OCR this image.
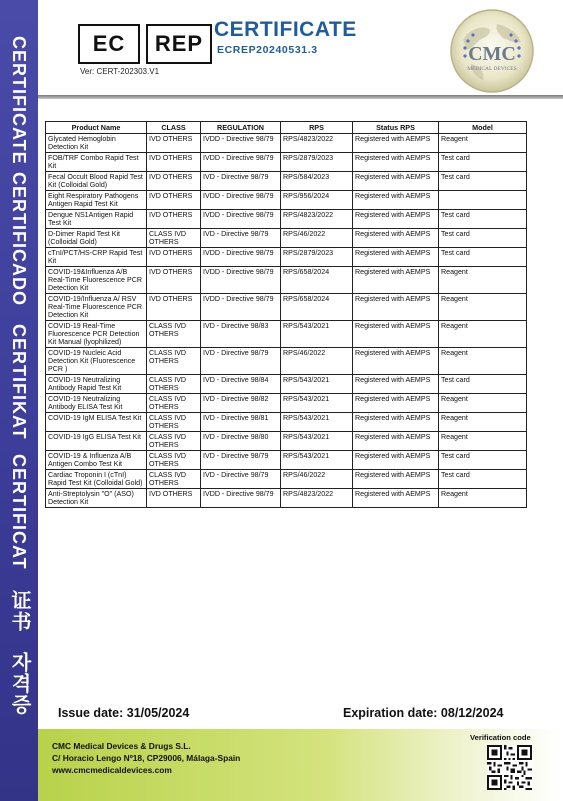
CERTIFICATE
CERTIFICADO
CERTIFIKAT
CERTIFICAT
证书
자격증
EC	REP
Ver: CERT-202303.V1
CERTIFICATE
ECREP20240531.3	CMC
MEDICAL DEVICES
Product Name	CLASS	REGULATION	RPS	Status RPS	Model
Glycated Hemoglobin Detection Kit	IVD OTHERS	IVDD - Directive 98/79	RPS/4823/2022	Registered with AEMPS	Reagent
FOB/TRF Combo Rapid Test Kit	IVD OTHERS	IVDD - Directive 98/79	RPS/2879/2023	Registered with AEMPS	Test card
Fecal Occult Blood Rapid Test Kit (Colloidal Gold)	IVD OTHERS	IVD - Directive 98/79	RPS/584/2023	Registered with AEMPS	Test card
Eight Respiratory Pathogens Antigen Rapid Test Kit	IVD OTHERS	IVDD - Directive 98/79	RPS/956/2024	Registered with AEMPS	
Dengue NS1Antigen Rapid Test Kit	IVD OTHERS	IVDD - Directive 98/79	RPS/4823/2022	Registered with AEMPS	Test card
D-Dimer Rapid Test Kit (Colloidal Gold)	CLASS IVD OTHERS	IVD - Directive 98/79	RPS/46/2022	Registered with AEMPS	Test card
cTnI/PCT/HS-CRP Rapid Test Kit	IVD OTHERS	IVDD - Directive 98/79	RPS/2879/2023	Registered with AEMPS	Test card
COVID-19&Influenza A/B Real-Time Fluorescence PCR Detection Kit	IVD OTHERS	IVDD - Directive 98/79	RPS/658/2024	Registered with AEMPS	Reagent
COVID-19/Influenza A/ RSV Real-Time Fluorescence PCR Detection Kit	IVD OTHERS	IVDD - Directive 98/79	RPS/658/2024	Registered with AEMPS	Reagent
COVID-19 Real-Time Fluorescence PCR Detection Kit Manual (lyophilized)	CLASS IVD OTHERS	IVD - Directive 98/83	RPS/543/2021	Registered with AEMPS	Reagent
COVID-19 Nucleic Acid Detection Kit (Fluorescence PCR )	CLASS IVD OTHERS	IVD - Directive 98/79	RPS/46/2022	Registered with AEMPS	Reagent
COVID-19 Neutralizing Antibody Rapid Test Kit	CLASS IVD OTHERS	IVD - Directive 98/84	RPS/543/2021	Registered with AEMPS	Test card
COVID-19 Neutralizing Antibody ELISA Test Kit	CLASS IVD OTHERS	IVD - Directive 98/82	RPS/543/2021	Registered with AEMPS	Reagent
COVID-19 IgM ELISA Test Kit	CLASS IVD OTHERS	IVD - Directive 98/81	RPS/543/2021	Registered with AEMPS	Reagent
COVID-19 IgG ELISA Test Kit	CLASS IVD OTHERS	IVD - Directive 98/80	RPS/543/2021	Registered with AEMPS	Reagent
COVID-19 & Influenza A/B Antigen Combo Test Kit	CLASS IVD OTHERS	IVD - Directive 98/79	RPS/543/2021	Registered with AEMPS	Test card
Cardiac Troponin I (cTnI) Rapid Test Kit (Colloidal Gold)	CLASS IVD OTHERS	IVD - Directive 98/79	RPS/46/2022	Registered with AEMPS	Test card
Anti-Streptolysin "O" (ASO) Detection Kit	IVD OTHERS	IVDD - Directive 98/79	RPS/4823/2022	Registered with AEMPS	Reagent
Issue date: 31/05/2024	Expiration date: 08/12/2024
CMC Medical Devices & Drugs S.L.
C/ Horacio Lengo Nº18, CP29006, Málaga-Spain
www.cmcmedicaldevices.com
Verification code
